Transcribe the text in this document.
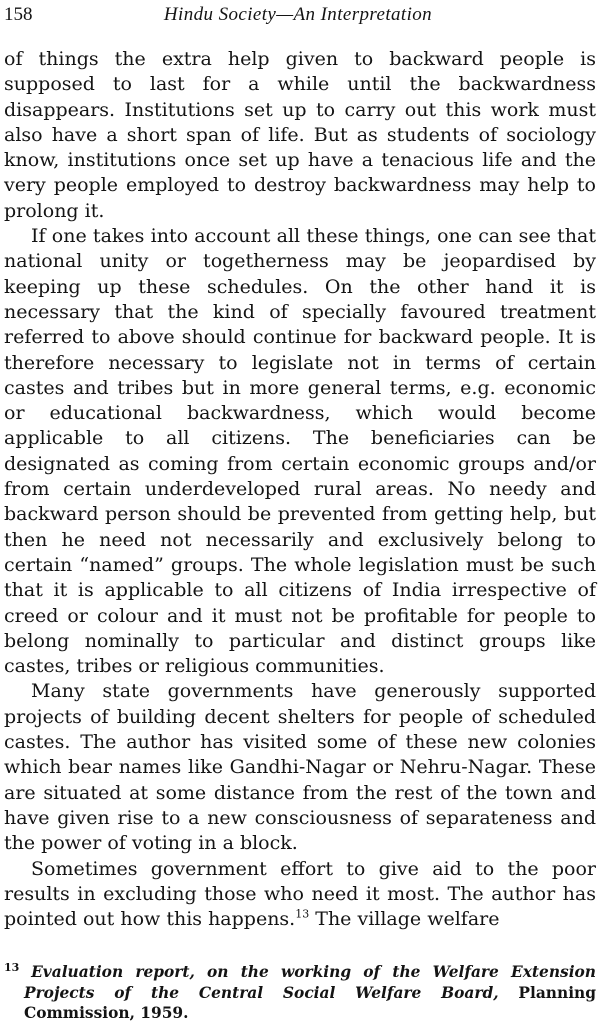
158	Hindu Society—An Interpretation

of things the extra help given to backward people is supposed to last for a while until the backwardness disappears. Institutions set up to carry out this work must also have a short span of life. But as students of sociology know, institutions once set up have a tenacious life and the very people employed to destroy backwardness may help to prolong it.

If one takes into account all these things, one can see that national unity or togetherness may be jeopardised by keeping up these schedules. On the other hand it is necessary that the kind of specially favoured treatment referred to above should continue for backward people. It is therefore necessary to legislate not in terms of certain castes and tribes but in more general terms, e.g. economic or educational backwardness, which would become applicable to all citizens. The beneficiaries can be designated as coming from certain economic groups and/or from certain underdeveloped rural areas. No needy and backward person should be prevented from getting help, but then he need not necessarily and exclusively belong to certain “named” groups. The whole legislation must be such that it is applicable to all citizens of India irrespective of creed or colour and it must not be profitable for people to belong nominally to particular and distinct groups like castes, tribes or religious communities.

Many state governments have generously supported projects of building decent shelters for people of scheduled castes. The author has visited some of these new colonies which bear names like Gandhi-Nagar or Nehru-Nagar. These are situated at some distance from the rest of the town and have given rise to a new consciousness of separateness and the power of voting in a block.

Sometimes government effort to give aid to the poor results in excluding those who need it most. The author has pointed out how this happens.$^{13}$ The village welfare

$^{13}$ Evaluation report, on the working of the Welfare Extension Projects of the Central Social Welfare Board, Planning Commission, 1959.
